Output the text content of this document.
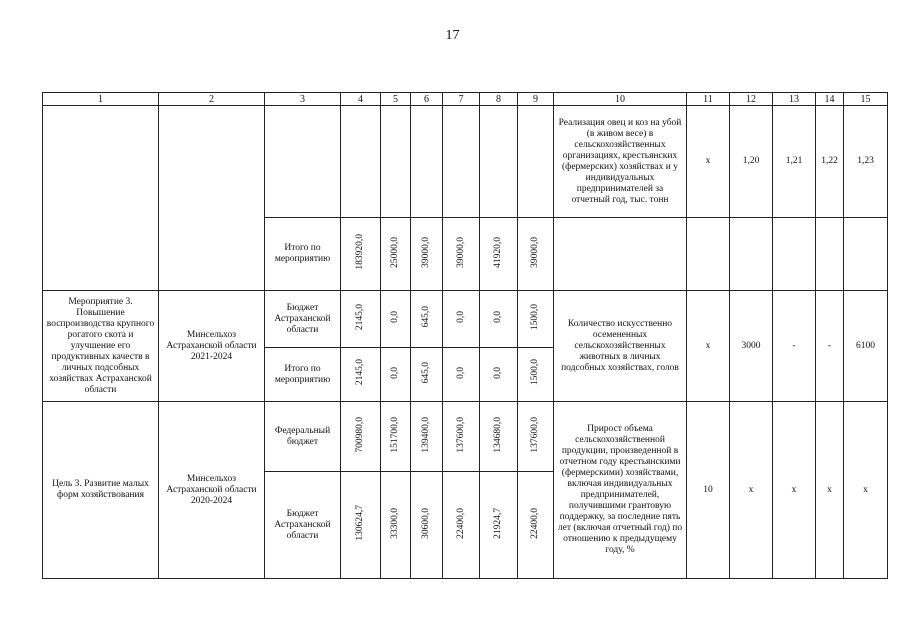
17
1	2	3	4	5	6	7	8	9	10	11	12	13	14	15
									Реализация овец и коз на убой (в живом весе) в сельскохозяйственных организациях, крестьянских (фермерских) хозяйствах и у индивидуальных предпринимателей за отчетный год, тыс. тонн	х	1,20	1,21	1,22	1,23
		Итого по мероприятию	183920,0	25000,0	39000,0	39000,0	41920,0	39000,0						
Мероприятие 3. Повышение воспроизводства крупного рогатого скота и улучшение его продуктивных качеств в личных подсобных хозяйствах Астраханской области	Минсельхоз Астраханской области 2021-2024	Бюджет Астраханской области	2145,0	0,0	645,0	0,0	0,0	1500,0	Количество искусственно осемененных сельскохозяйственных животных в личных подсобных хозяйствах, голов	х	3000	-	-	6100
		Итого по мероприятию	2145,0	0,0	645,0	0,0	0,0	1500,0						
Цель 3. Развитие малых форм хозяйствования	Минсельхоз Астраханской области 2020-2024	Федеральный бюджет	700980,0	151700,0	139400,0	137600,0	134680,0	137600,0	Прирост объема сельскохозяйственной продукции, произведенной в отчетном году крестьянскими (фермерскими) хозяйствами, включая индивидуальных предпринимателей, получившими грантовую поддержку, за последние пять лет (включая отчетный год) по отношению к предыдущему году, %	10	х	х	х	х
		Бюджет Астраханской области	130624,7	33300,0	30600,0	22400,0	21924,7	22400,0						
